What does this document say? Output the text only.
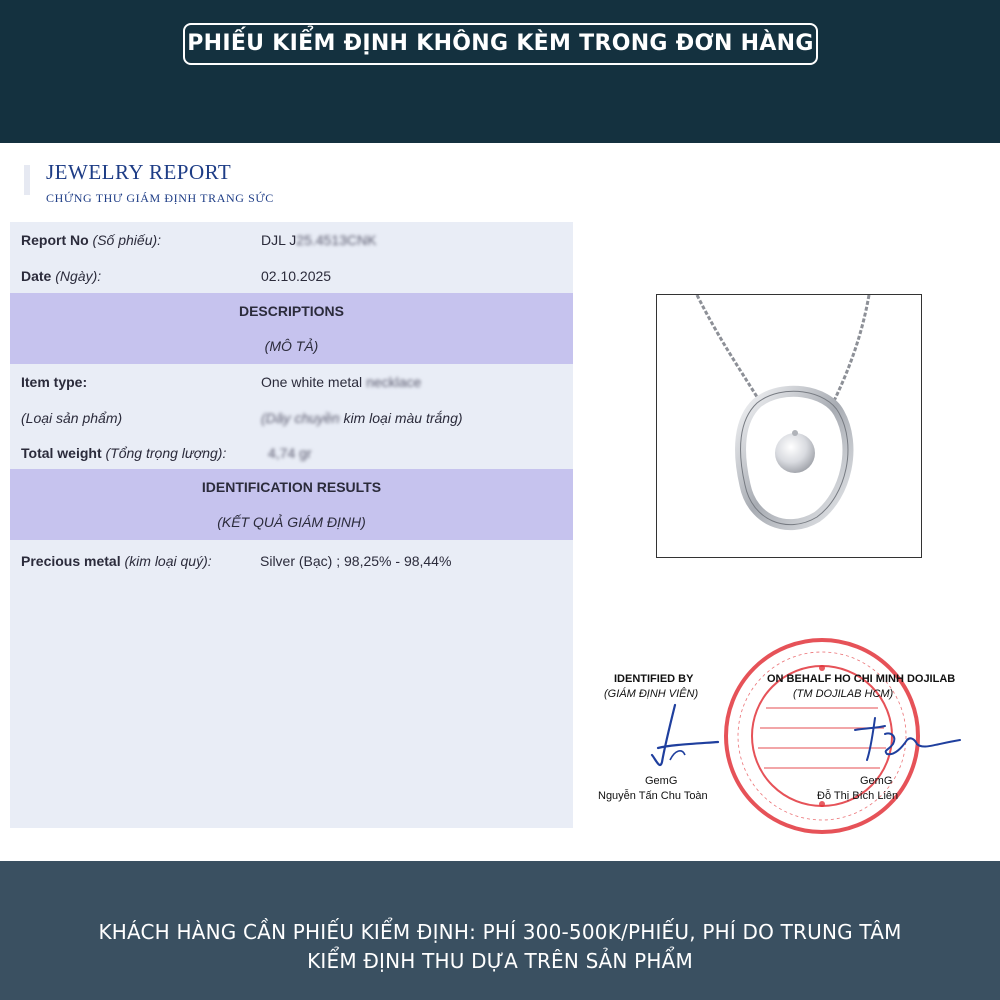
PHIẾU KIỂM ĐỊNH KHÔNG KÈM TRONG ĐƠN HÀNG
JEWELRY REPORT
CHỨNG THƯ GIÁM ĐỊNH TRANG SỨC
Report No (Số phiếu):	DJL J25.4513CNK
Date (Ngày):	02.10.2025
DESCRIPTIONS
(MÔ TẢ)
Item type:	One white metal necklace
(Loại sản phẩm)	(Dây chuyền kim loại màu trắng)
Total weight (Tổng trọng lượng):	4,74 gr
IDENTIFICATION RESULTS
(KẾT QUẢ GIÁM ĐỊNH)
Precious metal (kim loại quý):	Silver (Bạc) ; 98,25% - 98,44%
IDENTIFIED BY
(GIÁM ĐỊNH VIÊN)
GemG
Nguyễn Tấn Chu Toàn
ON BEHALF HO CHI MINH DOJILAB
(TM DOJILAB HCM)
GemG
Đỗ Thị Bích Liên
KHÁCH HÀNG CẦN PHIẾU KIỂM ĐỊNH: PHÍ 300-500K/PHIẾU, PHÍ DO TRUNG TÂM
KIỂM ĐỊNH THU DỰA TRÊN SẢN PHẨM
